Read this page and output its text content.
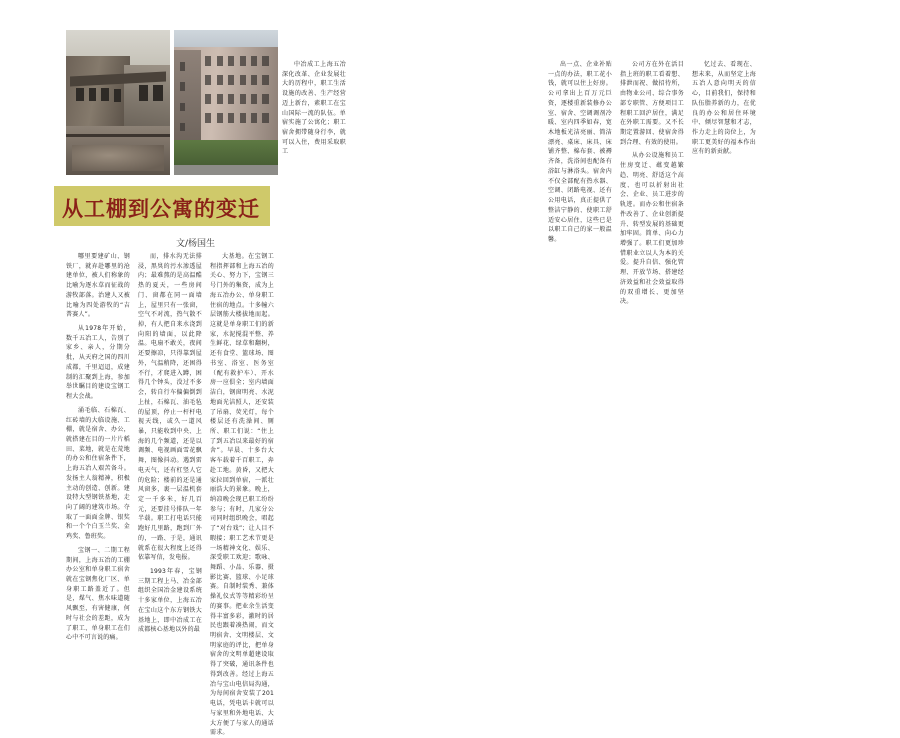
从工棚到公寓的变迁
文/杨国生

哪里要建矿山、钢铁厂，就弃赴哪里的沧建单位，被人们称象的比喻为逐水草而征战的游牧部落。治建人又被比喻为四处游牧的“吉普赛人”。

从1978年开始，数千五冶工人，告别了家乡、亲人，分期分批，从天府之国的四川成都，千里迢迢，成建制的汇聚到上海，参加举世瞩目的建设宝钢工程大会战。

涌毛临、石棉瓦、红砖墙的大临设施、工棚，就是宿舍、办公，就搭建在目的一片片稻田、菜地，就是在荒地的办公和住宿条件下，上海五冶人艰苦备斗。发扬主人翁精神，积极主动的创造、创新。建设特大型钢铁基地，走向了阔的建筑市场。夺取了一面面金牌、银奖和一个个白玉兰奖、金鸡奖、鲁班奖。

宝钢一、二期工程期间，上海五冶的工棚办公室和单身职工宿舍就在宝钢焦化厂区、单身职工路盖近了。但是，煤气、焦水味道随风飘至，有害健康，何时与社会的差距，成为了职工、单身职工在们心中不可言说的痛。

而，排水沟无法排浸，黑臭的污水渗透屋内；最难熬的是高温酷热的夏天，一些房间门、窗都在同一面墙上，屋里只有一张窗，空气不对流，热气散不掉，有人把自来水浇到向阳的墙面，以此降温。电扇不敢关，夜间还要擦凉，只得靠到屋外，气温稍降，还困得不行，才爬进入蹲，困得几个钟头，没过不多会，转自行车偏偏倒到上扯，石棉瓦、油毛毡的屋顶，停止一杆杆电视天线，或久一道风暴，只能收到中央、上海的几个频道，还是以调频、电视画面雪花飘舞，图像抖动。遇到雷电天气，还有杠竖人它的危险；楼前的还是通风窗多，裹一层温机套定一千多米，好几百元，还要挂号排队一年半载。职工打电话只能跑好几里路，跑到厂外的，一路、于是，通讯就系在很大程度上还得依靠写信，发电报。

1993年春，宝钢三期工程上马、冶金部组织全国冶金建设系统十多家单位，上海五冶在宝山这个东方钢铁大基地上，即中冶成工在成都核心基地以外的最

大基地。在宝钢工程指挥部和上海五冶的关心、努力下，宝钢三号门外的集资，成为上海五冶办公、单身职工住宿的地点。十多幢六层钢筋大楼拔地而起。这就是单身职工们的新家，水泥搅混平整、养生鲜花、绿草和翻树，还有食堂、篮球场、图书室、浴室、医务室（配有救护车）、开水房一应俱全；室内墙面洁白，钢窗明亮、水泥地面光洁照人，还安装了吊扇、荧光灯，每个楼层还有洗澡间、厕所、职工们说：“住上了到五冶以来最好的宿舍”。早晨、十多台大客车载着千百职工，奔赴工地。黄昏，又把大家拉回到单宿，一派壮丽浩大的景象。晚上，纳凉晚会现已职工纷纷参与；有时，几家分公司同时组织晚会，唱起了“对台戏”；让人目不暇接；职工艺术节更是一场精神文化、娱乐、深受职工欢迎；歌咏、舞蹈、小品、乐器、摄影比赛、篮球、小足球赛。自制时装秀、兼体操礼仪式等等精彩纷呈的赛事。把业余生活变得丰富多彩，激时的居民也跟着凑热闹，而文明宿舍、文明楼层、文明家庭的评比，把单身宿舍的文明单超建设取得了突破，通讯条件也得到改善。经过上海五冶与宝山电信局沟通，为每间宿舍安装了201电话，凭电话卡就可以与家里和外地电话、大大方便了与家人的通话需求。

中冶成工上海五冶深化改革、企业发展壮大的历程中，职工生活设施的改善、生产经营迈上新台，素职工在宝山国际一流的队伍。单宿实施了公寓化；职工宿舍拥带随身行李，就可以入住，费用采取职工

出一点、企业补贴一点的办法，职工花小钱，就可以住上好房。公司拿出上百万元巨资，逐楼重新装修办公室、宿舍、空调调剂冷暖、室内四季如春，宽木地板光洁亮丽、简洁漂亮、桌床、床具、床铺齐整、棉布套、被褥齐备，洗浴间也配备有浴缸与淋浴头。宿舍内不仅全部配有热水器、空调、闭路电视、还有公用电话，真正提供了整洁宁静的、使职工舒适安心居住，这些已是以职工自己的家一般温馨。

公司方在外在活目指上班的职工看着想、排泄而祝、做招待所，由物业公司、综合事务部专职管、方便项目工程职工回沪居住，满足在外职工需要。又不长期定置游回、使宿舍得到合理、有效的使用。

从办公设施和员工住房变迁、蕴变越繁趋、明亮、舒适这个高度、也可以折射出社会、企业、员工进步的轨迹。而办公和住宿条件改善了、企业创新提升、转型发展的基础更加牢固。简单、向心力增强了。职工们更加珍惜职业立以人为本的关爱。提升自信、强化管理、开放节场、搭建经济效益和社会效益取得的双重增长、更加坚决。

忆过去、看现在、想未来，从而坚定上海五冶人意向明天的信心，目前我们，保持和队伍脂养新的力，在优良的办公和居住环境中、倾尽智慧和才志，作力走上的岗位上，为职工更美好的福本作出应有的新贡献。
